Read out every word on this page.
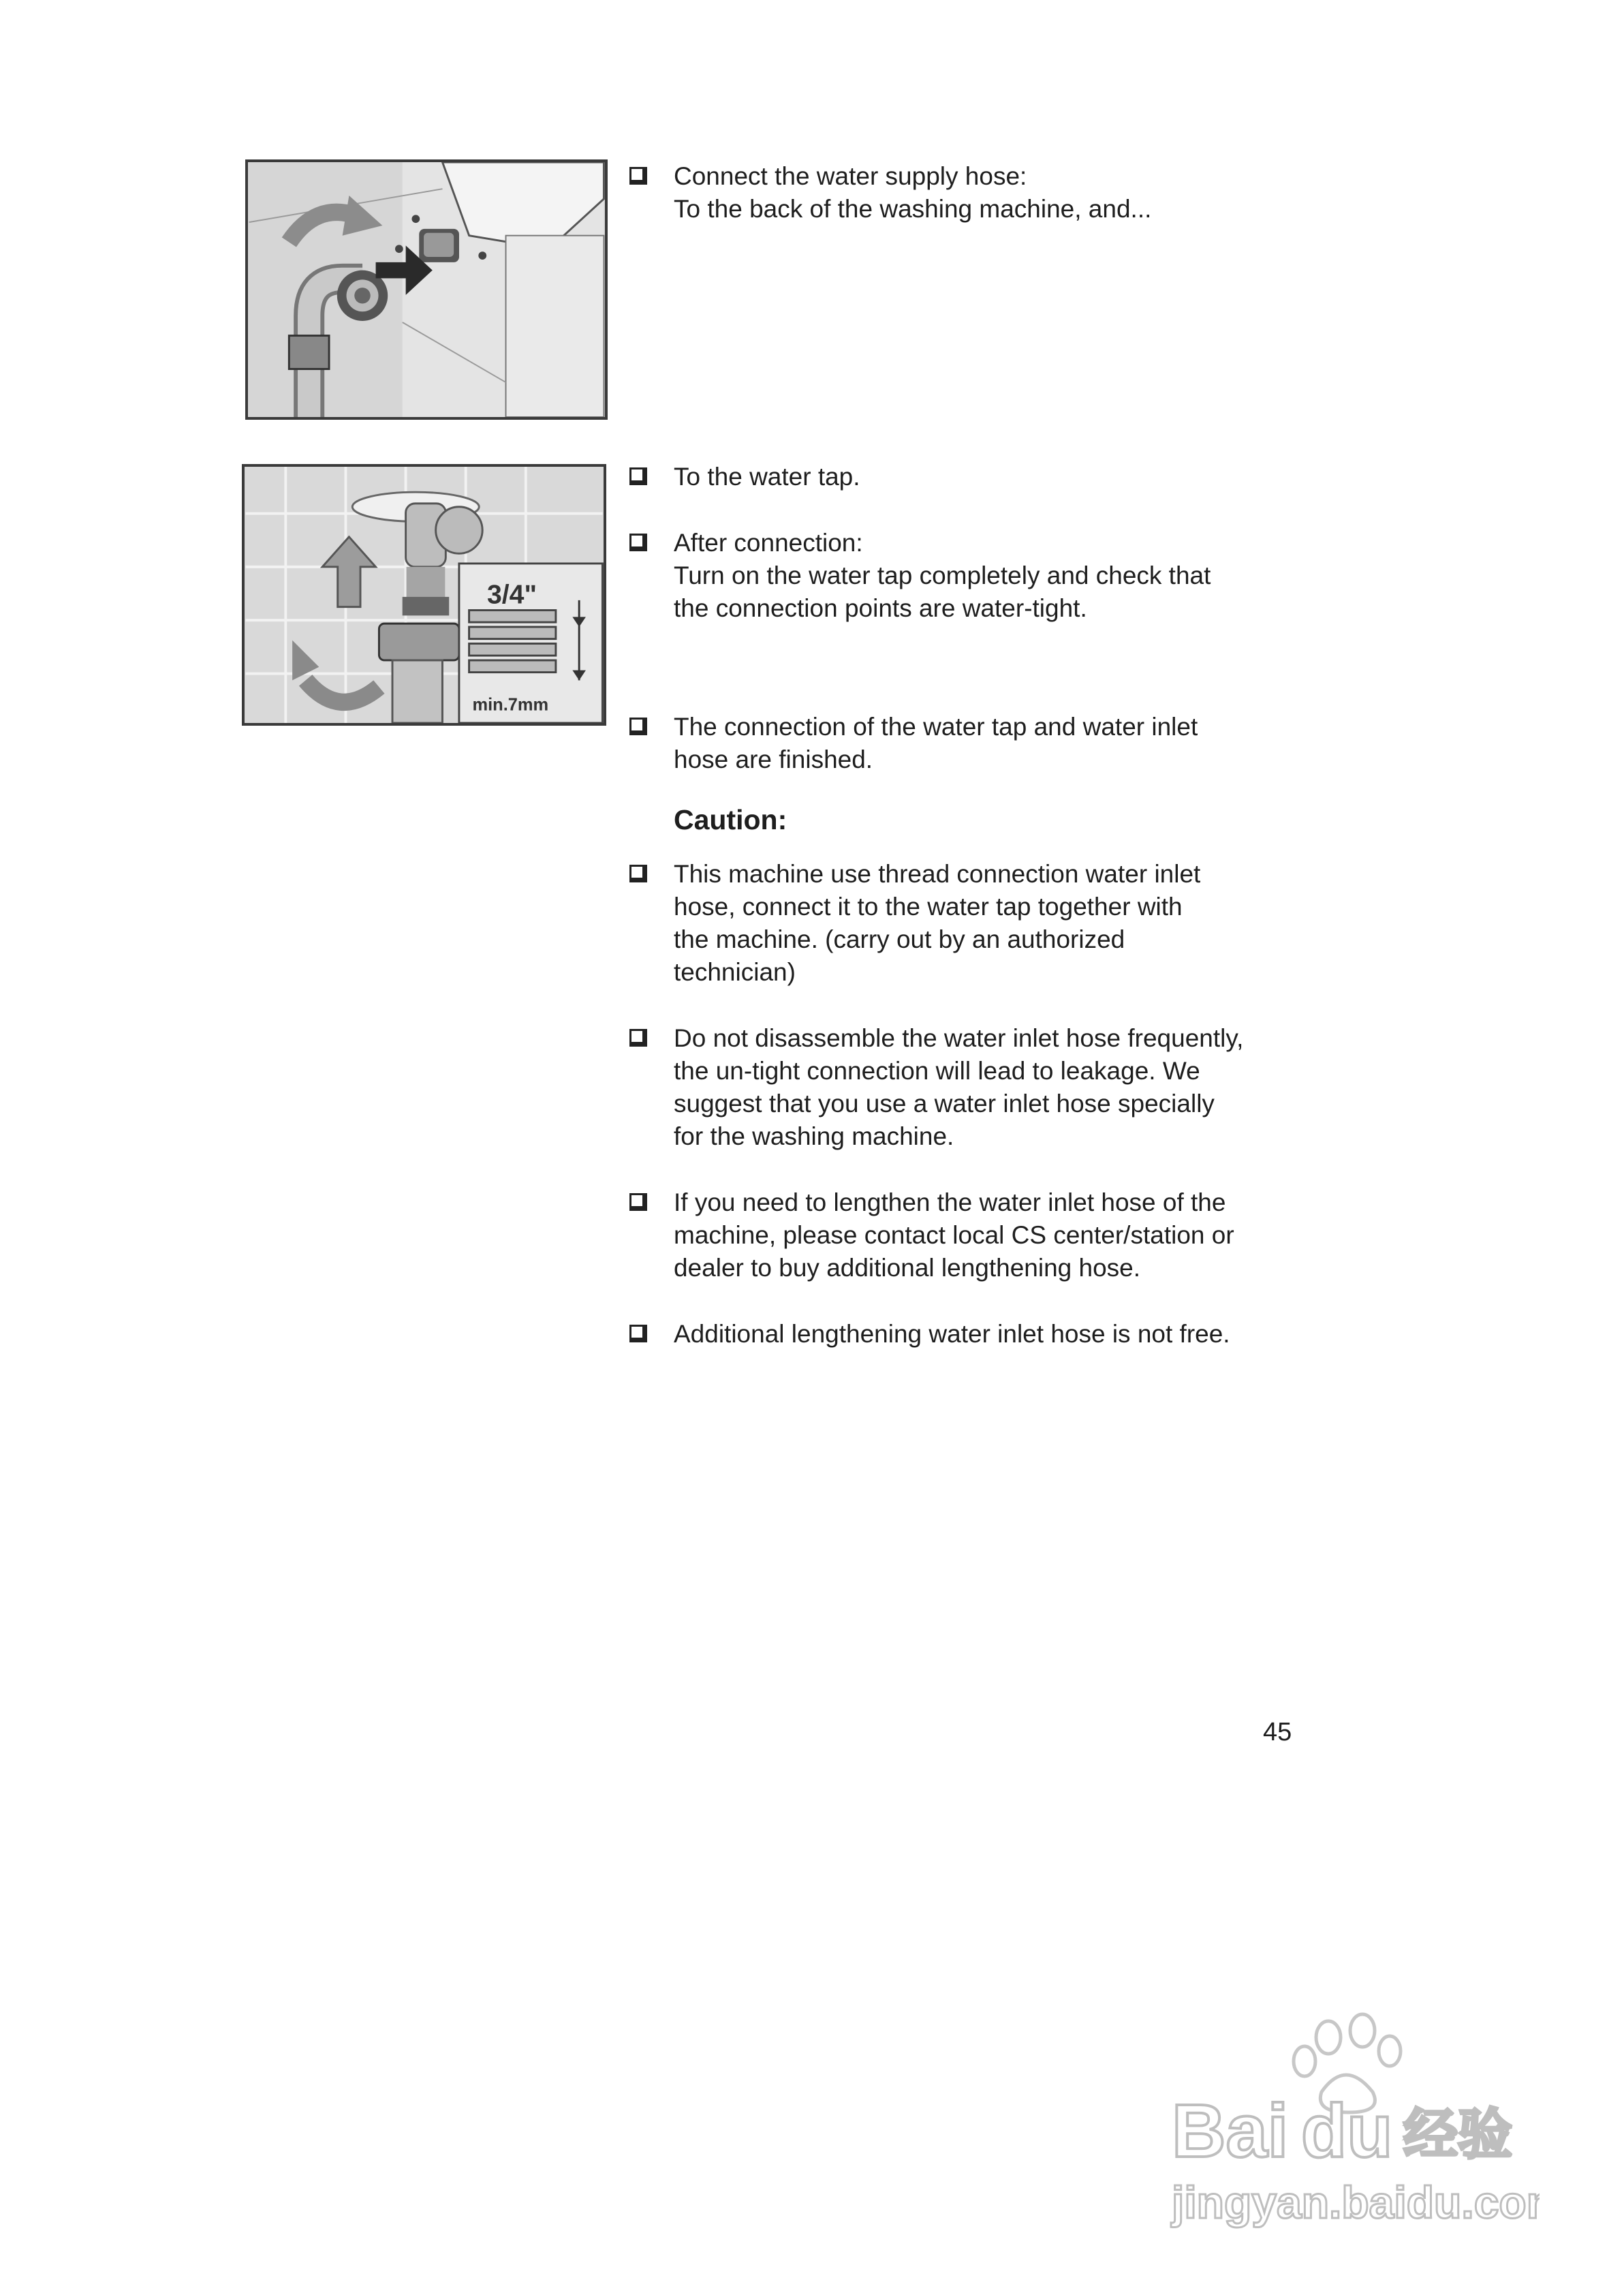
3/4"
min.7mm
Connect the water supply hose:
To the back of the washing machine, and...
To the water tap.
After connection:
Turn on the water tap completely and check that
the connection points are water-tight.
The connection of the water tap and water inlet
hose are finished.
Caution:
This machine use thread connection water inlet
hose, connect it to the water tap together with
the machine. (carry out by an authorized
technician)
Do not disassemble the water inlet hose frequently,
the un-tight connection will lead to leakage. We
suggest that you use a water inlet hose specially
for the washing machine.
If you need to lengthen the water inlet hose of the
machine, please contact local CS center/station or
dealer to buy additional lengthening hose.
Additional lengthening water inlet hose is not free.
45
Bai du 经验
jingyan.baidu.com
